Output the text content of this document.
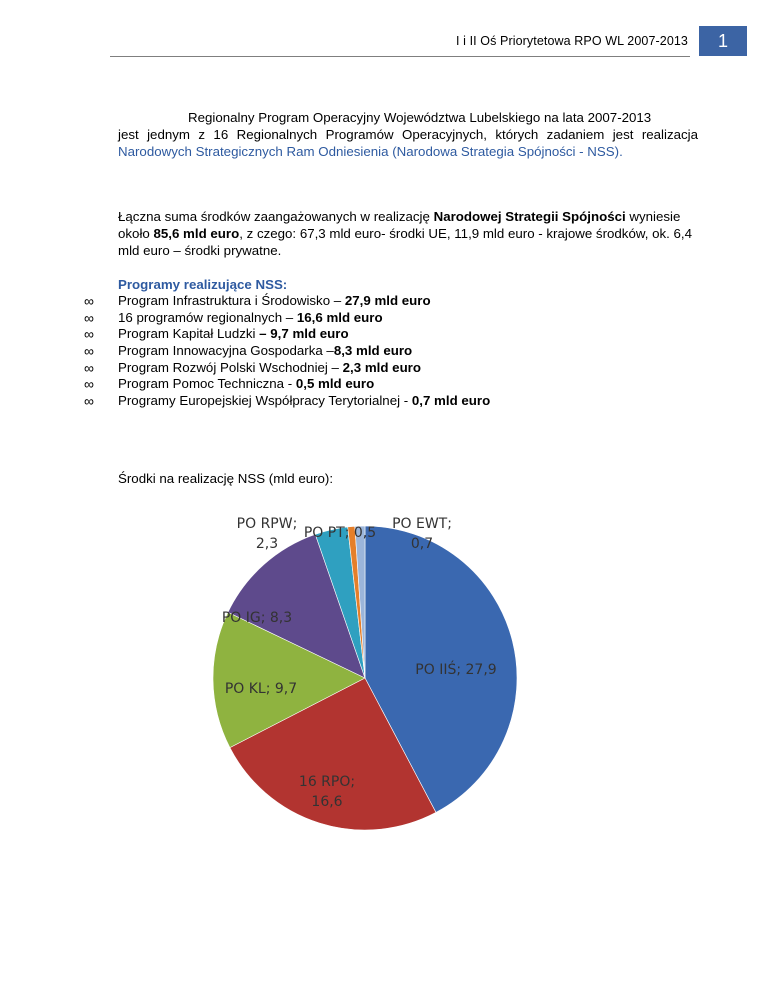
I i II Oś Priorytetowa RPO WL 2007-2013	1
Regionalny Program Operacyjny Województwa Lubelskiego na lata 2007-2013
jest jednym z 16 Regionalnych Programów Operacyjnych, których zadaniem jest realizacja Narodowych Strategicznych Ram Odniesienia (Narodowa Strategia Spójności - NSS).
Łączna suma środków zaangażowanych w realizację Narodowej Strategii Spójności wyniesie około 85,6 mld euro, z czego: 67,3 mld euro- środki UE, 11,9 mld euro - krajowe środków, ok. 6,4 mld euro – środki prywatne.
Programy realizujące NSS:
∞ Program Infrastruktura i Środowisko – 27,9 mld euro
∞ 16 programów regionalnych – 16,6 mld euro
∞ Program Kapitał Ludzki – 9,7 mld euro
∞ Program Innowacyjna Gospodarka –8,3 mld euro
∞ Program Rozwój Polski Wschodniej – 2,3 mld euro
∞ Program Pomoc Techniczna - 0,5 mld euro
∞ Programy Europejskiej Współpracy Terytorialnej - 0,7 mld euro
Środki na realizację NSS (mld euro):
PO IIŚ; 27,9
16 RPO; 16,6
PO KL; 9,7
PO IG; 8,3
PO RPW; 2,3
PO PT; 0,5
PO EWT; 0,7
